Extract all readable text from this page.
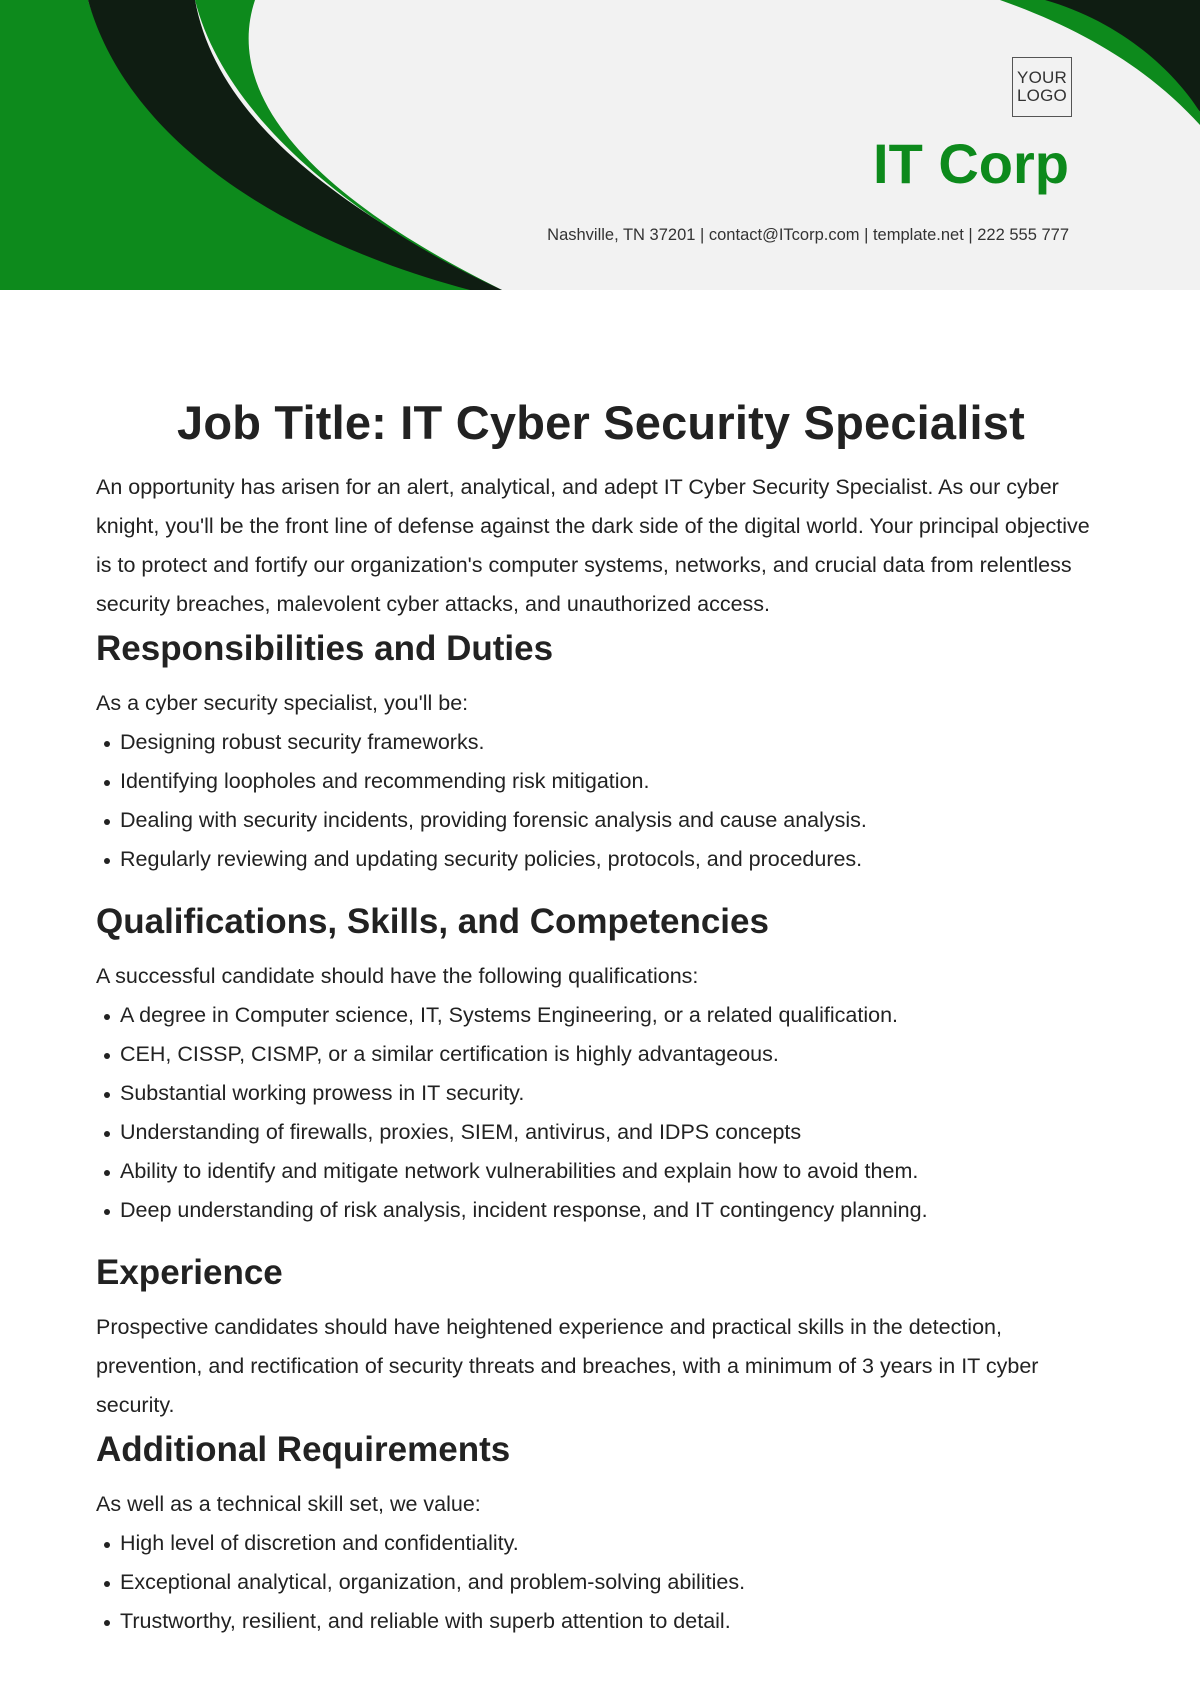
YOUR
LOGO
IT Corp
Nashville, TN 37201 | contact@ITcorp.com | template.net | 222 555 777
Job Title: IT Cyber Security Specialist

An opportunity has arisen for an alert, analytical, and adept IT Cyber Security Specialist. As our cyber knight, you'll be the front line of defense against the dark side of the digital world. Your principal objective is to protect and fortify our organization's computer systems, networks, and crucial data from relentless security breaches, malevolent cyber attacks, and unauthorized access.

Responsibilities and Duties

As a cyber security specialist, you'll be:

Designing robust security frameworks.
Identifying loopholes and recommending risk mitigation.
Dealing with security incidents, providing forensic analysis and cause analysis.
Regularly reviewing and updating security policies, protocols, and procedures.
Qualifications, Skills, and Competencies

A successful candidate should have the following qualifications:

A degree in Computer science, IT, Systems Engineering, or a related qualification.
CEH, CISSP, CISMP, or a similar certification is highly advantageous.
Substantial working prowess in IT security.
Understanding of firewalls, proxies, SIEM, antivirus, and IDPS concepts
Ability to identify and mitigate network vulnerabilities and explain how to avoid them.
Deep understanding of risk analysis, incident response, and IT contingency planning.
Experience

Prospective candidates should have heightened experience and practical skills in the detection, prevention, and rectification of security threats and breaches, with a minimum of 3 years in IT cyber security.

Additional Requirements

As well as a technical skill set, we value:

High level of discretion and confidentiality.
Exceptional analytical, organization, and problem-solving abilities.
Trustworthy, resilient, and reliable with superb attention to detail.
